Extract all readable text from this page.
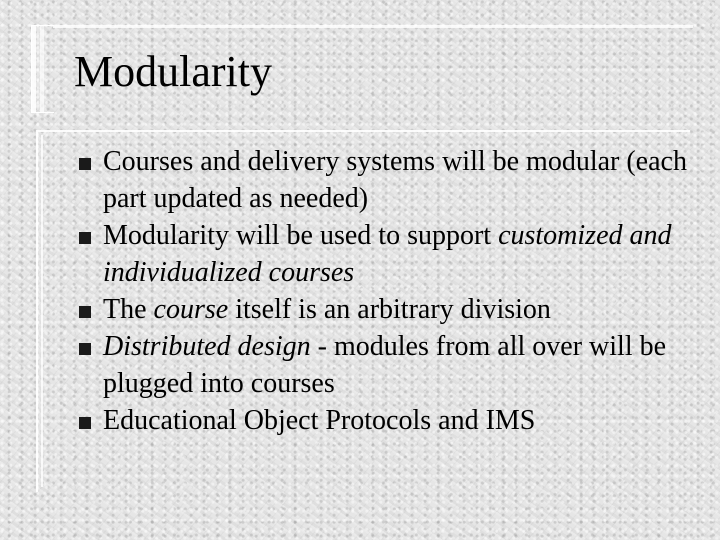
Modularity
Courses and delivery systems will be modular (each part updated as needed)
Modularity will be used to support customized and individualized courses
The course itself is an arbitrary division
Distributed design - modules from all over will be plugged into courses
Educational Object Protocols and IMS
